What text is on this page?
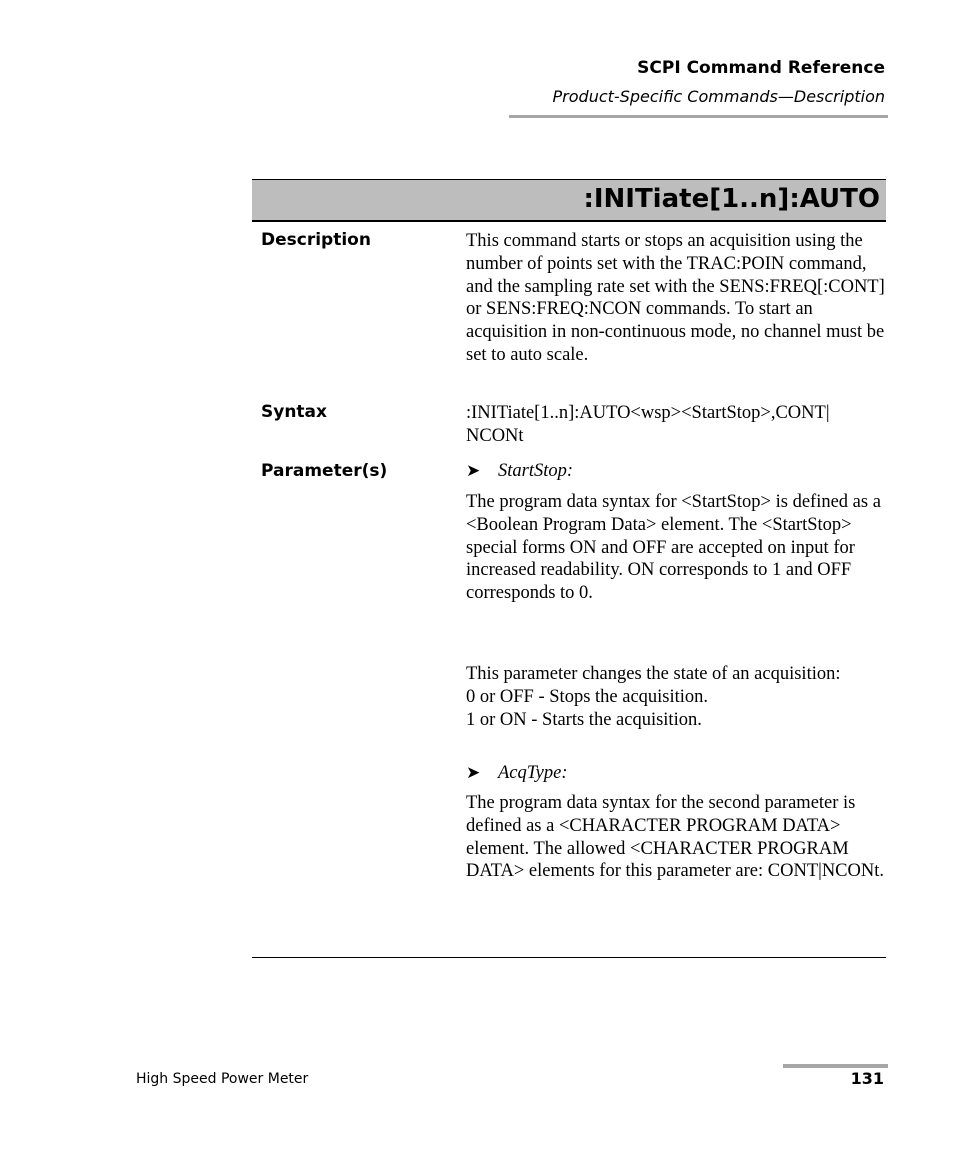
SCPI Command Reference
Product-Specific Commands—Description
:INITiate[1..n]:AUTO
Description	This command starts or stops an acquisition using the number of points set with the TRAC:POIN command, and the sampling rate set with the SENS:FREQ[:CONT] or SENS:FREQ:NCON commands. To start an acquisition in non-continuous mode, no channel must be set to auto scale.
Syntax	:INITiate[1..n]:AUTO<wsp><StartStop>,CONT|
NCONt
Parameter(s)	➤ StartStop:
The program data syntax for <StartStop> is defined as a <Boolean Program Data> element. The <StartStop> special forms ON and OFF are accepted on input for increased readability. ON corresponds to 1 and OFF corresponds to 0.
This parameter changes the state of an acquisition:
0 or OFF - Stops the acquisition.
1 or ON - Starts the acquisition.
➤ AcqType:
The program data syntax for the second parameter is defined as a <CHARACTER PROGRAM DATA> element. The allowed <CHARACTER PROGRAM DATA> elements for this parameter are: CONT|NCONt.
High Speed Power Meter	131
